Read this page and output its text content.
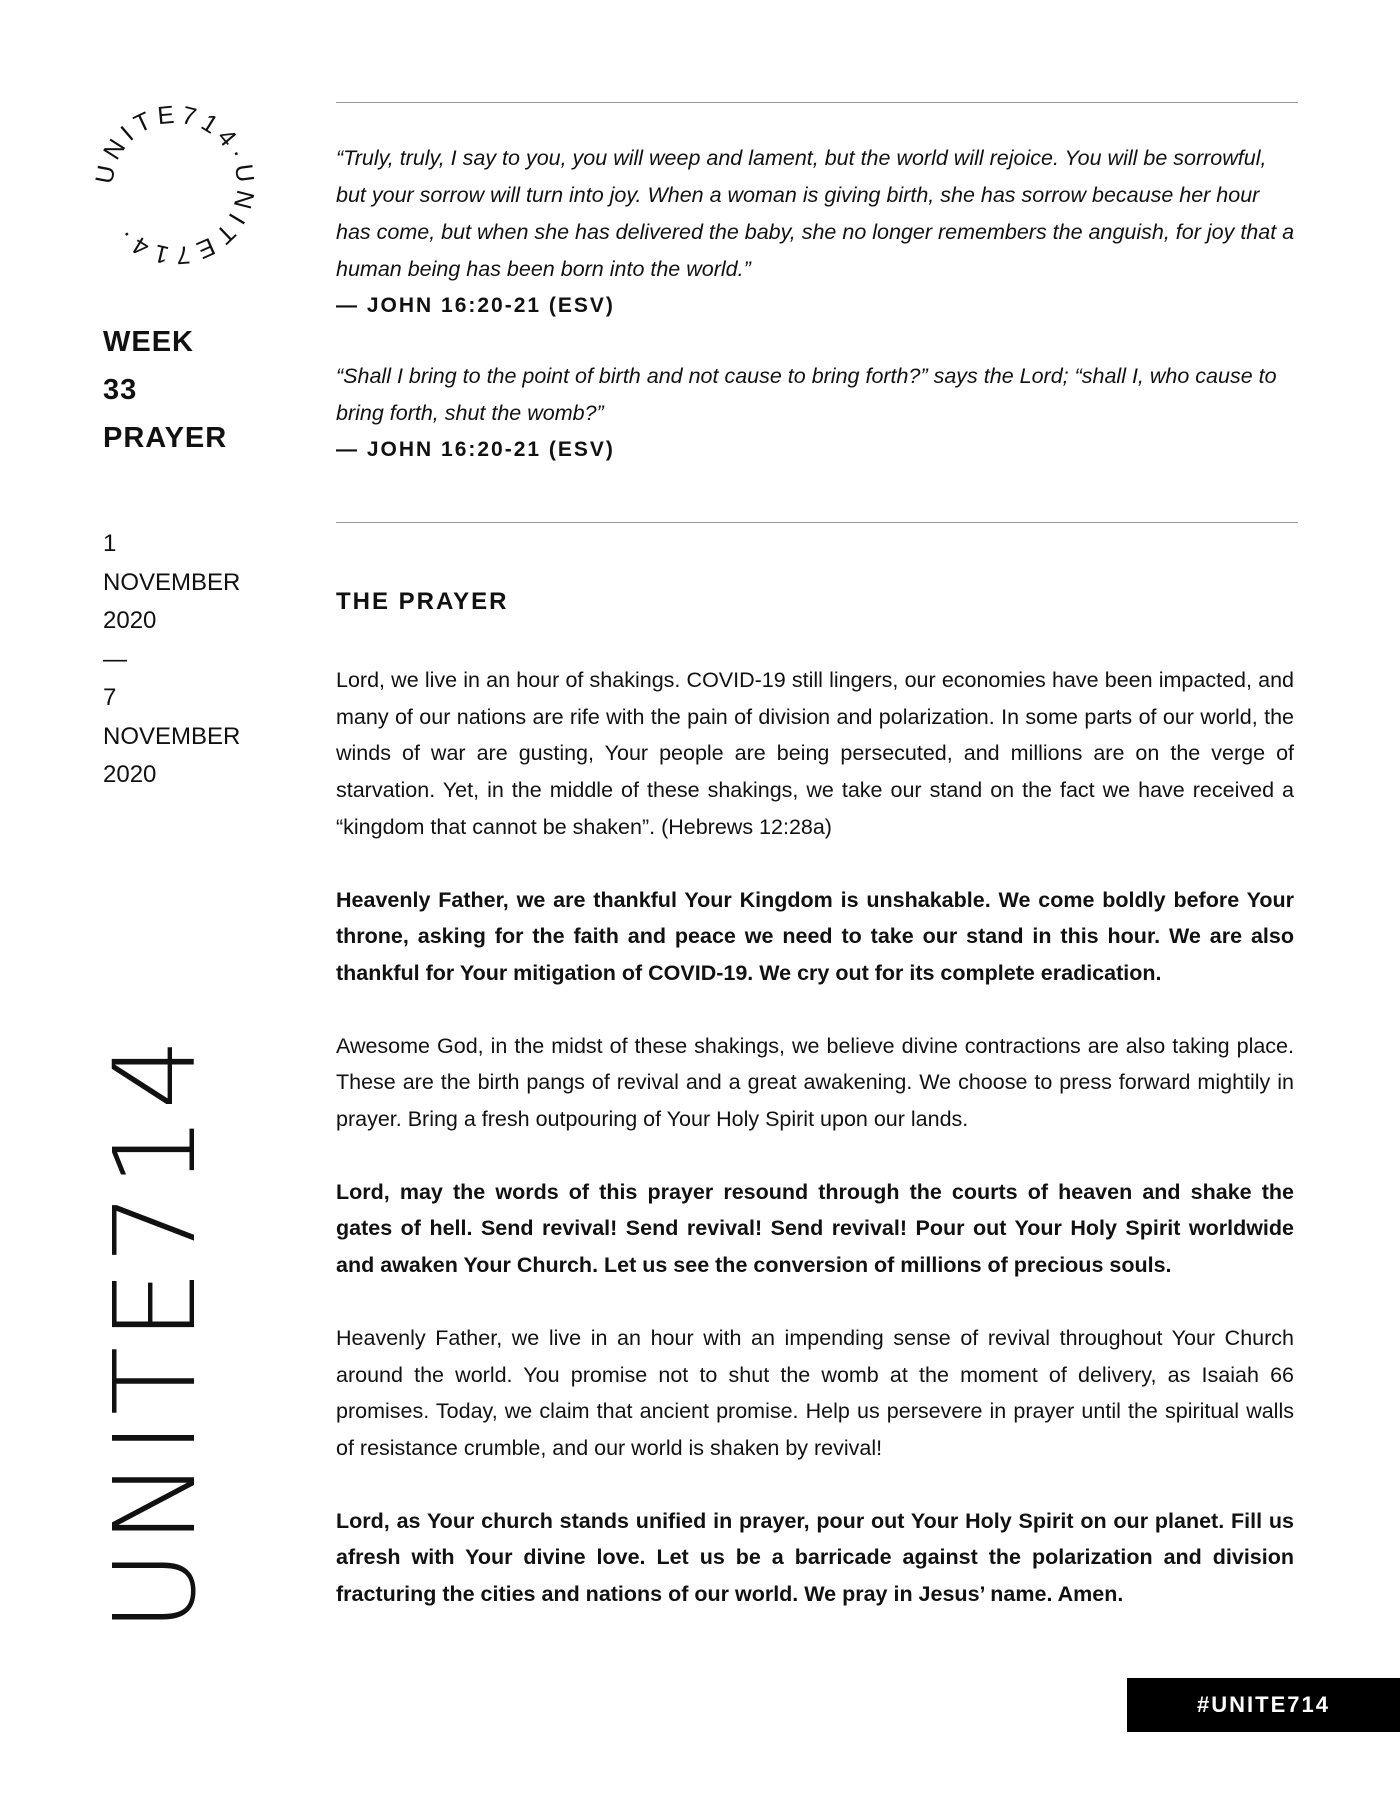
UNITE714·UNITE714·
WEEK
33
PRAYER
1
NOVEMBER
2020
—
7
NOVEMBER
2020
UNITE714

“Truly, truly, I say to you, you will weep and lament, but the world will rejoice. You will be sorrowful, but your sorrow will turn into joy. When a woman is giving birth, she has sorrow because her hour has come, but when she has delivered the baby, she no longer remembers the anguish, for joy that a human being has been born into the world.”

— JOHN 16:20-21 (ESV)

“Shall I bring to the point of birth and not cause to bring forth?” says the Lord; “shall I, who cause to bring forth, shut the womb?”

— JOHN 16:20-21 (ESV)

THE PRAYER

Lord, we live in an hour of shakings. COVID-19 still lingers, our economies have been impacted, and many of our nations are rife with the pain of division and polarization. In some parts of our world, the winds of war are gusting, Your people are being persecuted, and millions are on the verge of starvation. Yet, in the middle of these shakings, we take our stand on the fact we have received a “kingdom that cannot be shaken”. (Hebrews 12:28a)

Heavenly Father, we are thankful Your Kingdom is unshakable. We come boldly before Your throne, asking for the faith and peace we need to take our stand in this hour. We are also thankful for Your mitigation of COVID-19. We cry out for its complete eradication.

Awesome God, in the midst of these shakings, we believe divine contractions are also taking place. These are the birth pangs of revival and a great awakening. We choose to press forward mightily in prayer. Bring a fresh outpouring of Your Holy Spirit upon our lands.

Lord, may the words of this prayer resound through the courts of heaven and shake the gates of hell. Send revival! Send revival! Send revival! Pour out Your Holy Spirit worldwide and awaken Your Church. Let us see the conversion of millions of precious souls.

Heavenly Father, we live in an hour with an impending sense of revival throughout Your Church around the world. You promise not to shut the womb at the moment of delivery, as Isaiah 66 promises. Today, we claim that ancient promise. Help us persevere in prayer until the spiritual walls of resistance crumble, and our world is shaken by revival!

Lord, as Your church stands unified in prayer, pour out Your Holy Spirit on our planet. Fill us afresh with Your divine love. Let us be a barricade against the polarization and division fracturing the cities and nations of our world. We pray in Jesus’ name. Amen.

#UNITE714
